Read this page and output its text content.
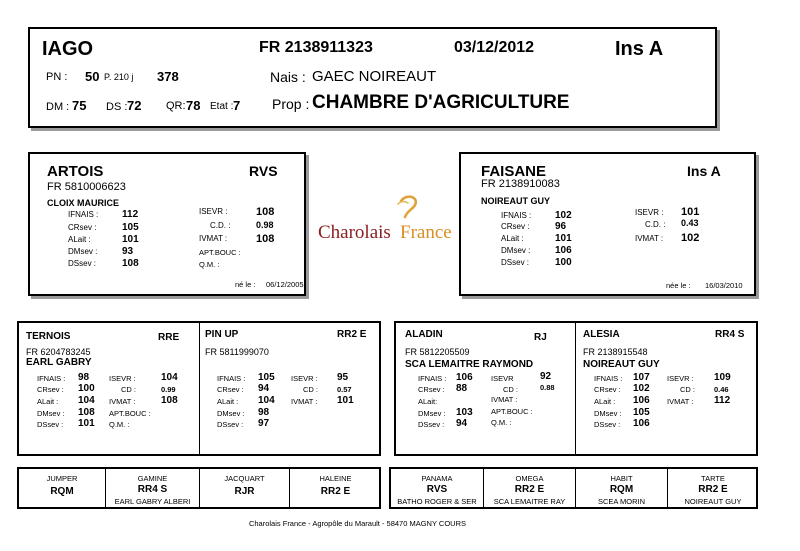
IAGO	FR 2138911323	03/12/2012	Ins A
PN : 50 P. 210 j 378	Nais : GAEC NOIREAUT
DM : 75 DS : 72 QR: 78 Etat : 7 Prop : CHAMBRE D'AGRICULTURE
ARTOIS	RVS
FR 5810006623
CLOIX MAURICE
IFNAIS : 112
CRsev :	105
ALait :	101
DMsev : 93
DSsev :	108
ISEVR :	108
C.D. :	0.98
IVMAT :	108
APT.BOUC :
Q.M. :
né le : 06/12/2005
Charolais France
FAISANE	Ins A
FR 2138910083
NOIREAUT GUY
IFNAIS : 102
CRsev :	96
ALait :	101
DMsev : 106
DSsev :	100
ISEVR : 101
C.D. : 0.43
IVMAT : 102
née le : 16/03/2010
TERNOIS	RRE
FR 6204783245
EARL GABRY
IFNAIS : 98
CRsev : 100
ALait : 104
DMsev : 108
DSsev : 101
ISEVR :	104
CD :	0.99
IVMAT :	108
APT.BOUC :
Q.M. :
PIN UP	RR2 E
FR 5811999070
IFNAIS : 105
CRsev : 94
ALait : 104
DMsev : 98
DSsev : 97
ISEVR : 95
CD :	0.57
IVMAT : 101
ALADIN	RJ
FR 5812205509
SCA LEMAITRE RAYMOND
IFNAIS : 106
CRsev : 88
ALait:
DMsev : 103
DSsev : 94
ISEVR	92
CD :	0.88
IVMAT :
APT.BOUC :
Q.M. :
ALESIA	RR4 S
FR 2138915548
NOIREAUT GUY
IFNAIS : 107
CRsev : 102
ALait : 106
DMsev : 105
DSsev : 106
ISEVR : 109
CD :	0.46
IVMAT : 112
JUMPER
RQM
GAMINE
RR4 S
EARL GABRY ALBERI
JACQUART
RJR
HALEINE
RR2 E
PANAMA
RVS
BATHO ROGER & SER
OMEGA
RR2 E
SCA LEMAITRE RAY
HABIT
RQM
SCEA MORIN
TARTE
RR2 E
NOIREAUT GUY
Charolais France - Agropôle du Marault - 58470 MAGNY COURS
